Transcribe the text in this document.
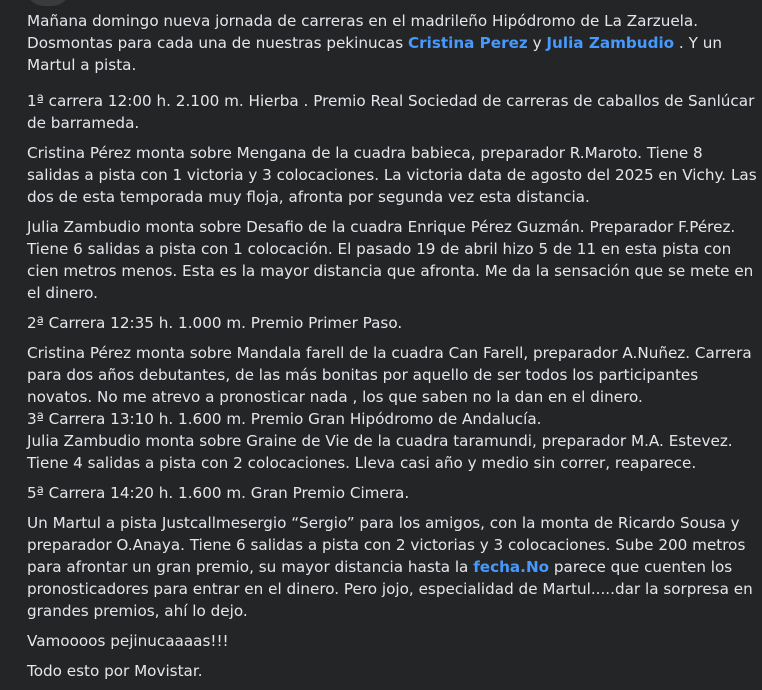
Mañana domingo nueva jornada de carreras en el madrileño Hipódromo de La Zarzuela. Dosmontas para cada una de nuestras pekinucas Cristina Perez y Julia Zambudio . Y un Martul a pista.

1ª carrera 12:00 h. 2.100 m. Hierba . Premio Real Sociedad de carreras de caballos de Sanlúcar de barrameda.

Cristina Pérez monta sobre Mengana de la cuadra babieca, preparador R.Maroto. Tiene 8 salidas a pista con 1 victoria y 3 colocaciones. La victoria data de agosto del 2025 en Vichy. Las dos de esta temporada muy floja, afronta por segunda vez esta distancia.

Julia Zambudio monta sobre Desafio de la cuadra Enrique Pérez Guzmán. Preparador F.Pérez. Tiene 6 salidas a pista con 1 colocación. El pasado 19 de abril hizo 5 de 11 en esta pista con cien metros menos. Esta es la mayor distancia que afronta. Me da la sensación que se mete en el dinero.

2ª Carrera 12:35 h. 1.000 m. Premio Primer Paso.

Cristina Pérez monta sobre Mandala farell de la cuadra Can Farell, preparador A.Nuñez. Carrera para dos años debutantes, de las más bonitas por aquello de ser todos los participantes novatos. No me atrevo a pronosticar nada , los que saben no la dan en el dinero.

3ª Carrera 13:10 h. 1.600 m. Premio Gran Hipódromo de Andalucía.

Julia Zambudio monta sobre Graine de Vie de la cuadra taramundi, preparador M.A. Estevez. Tiene 4 salidas a pista con 2 colocaciones. Lleva casi año y medio sin correr, reaparece.

5ª Carrera 14:20 h. 1.600 m. Gran Premio Cimera.

Un Martul a pista Justcallmesergio “Sergio” para los amigos, con la monta de Ricardo Sousa y preparador O.Anaya. Tiene 6 salidas a pista con 2 victorias y 3 colocaciones. Sube 200 metros para afrontar un gran premio, su mayor distancia hasta la fecha.No parece que cuenten los pronosticadores para entrar en el dinero. Pero jojo, especialidad de Martul.....dar la sorpresa en grandes premios, ahí lo dejo.

Vamoooos pejinucaaaas!!!

Todo esto por Movistar.
